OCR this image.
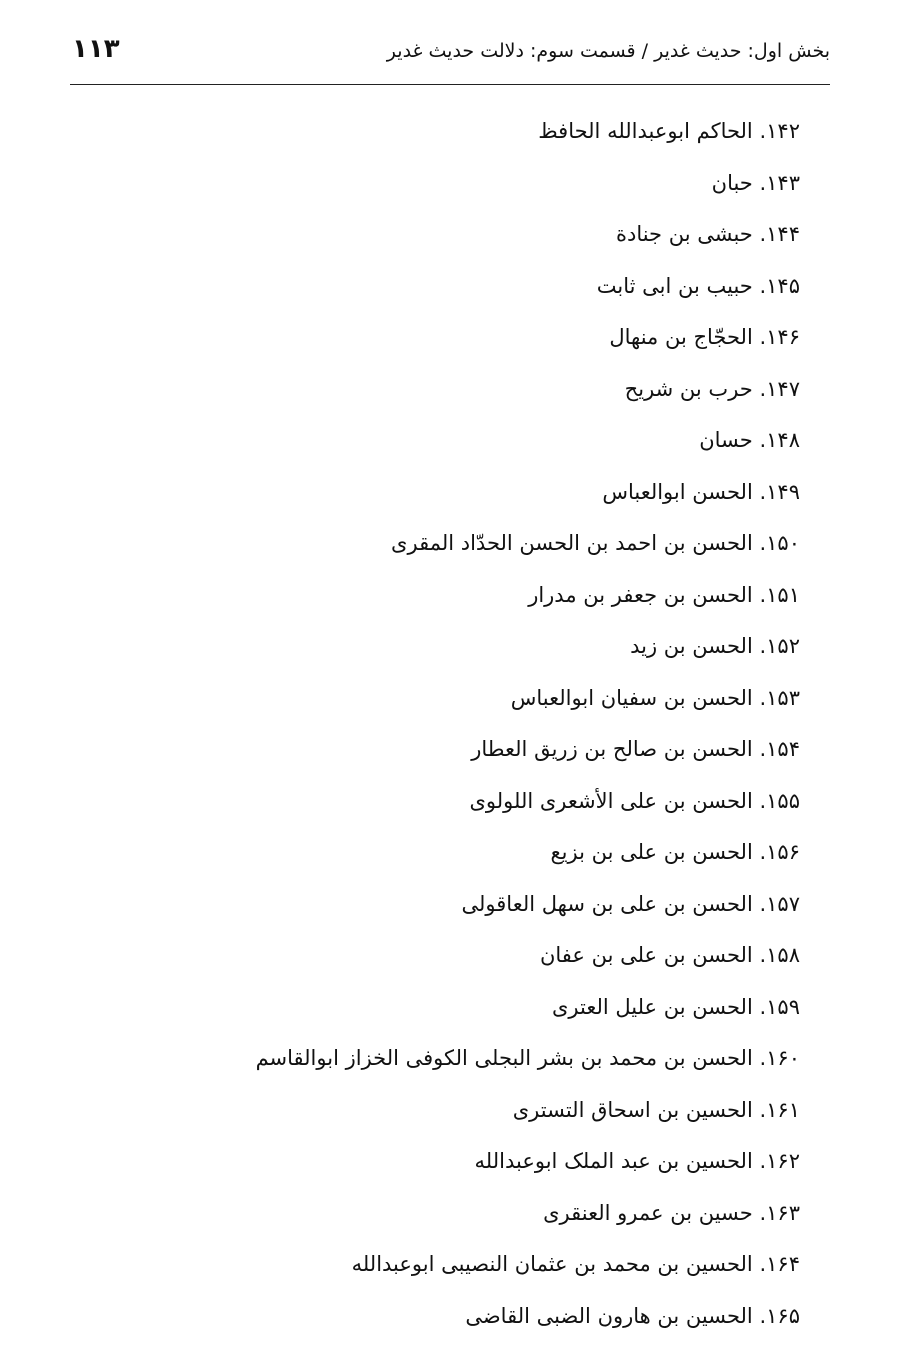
بخش اول: حدیث غدیر / قسمت سوم: دلالت حدیث غدیر
۱۱۳
۱۴۲. الحاکم ابوعبدالله الحافظ
۱۴۳. حبان
۱۴۴. حبشی بن جنادة
۱۴۵. حبیب بن ابی ثابت
۱۴۶. الحجّاج بن منهال
۱۴۷. حرب بن شریح
۱۴۸. حسان
۱۴۹. الحسن ابوالعباس
۱۵۰. الحسن بن احمد بن الحسن الحدّاد المقری
۱۵۱. الحسن بن جعفر بن مدرار
۱۵۲. الحسن بن زید
۱۵۳. الحسن بن سفیان ابوالعباس
۱۵۴. الحسن بن صالح بن زریق العطار
۱۵۵. الحسن بن علی الأشعری اللولوی
۱۵۶. الحسن بن علی بن بزیع
۱۵۷. الحسن بن علی بن سهل العاقولی
۱۵۸. الحسن بن علی بن عفان
۱۵۹. الحسن بن علیل العتری
۱۶۰. الحسن بن محمد بن بشر البجلی الکوفی الخزاز ابوالقاسم
۱۶۱. الحسین بن اسحاق التستری
۱۶۲. الحسین بن عبد الملک ابوعبدالله
۱۶۳. حسین بن عمرو العنقری
۱۶۴. الحسین بن محمد بن عثمان النصیبی ابوعبدالله
۱۶۵. الحسین بن هارون الضبی القاضی
